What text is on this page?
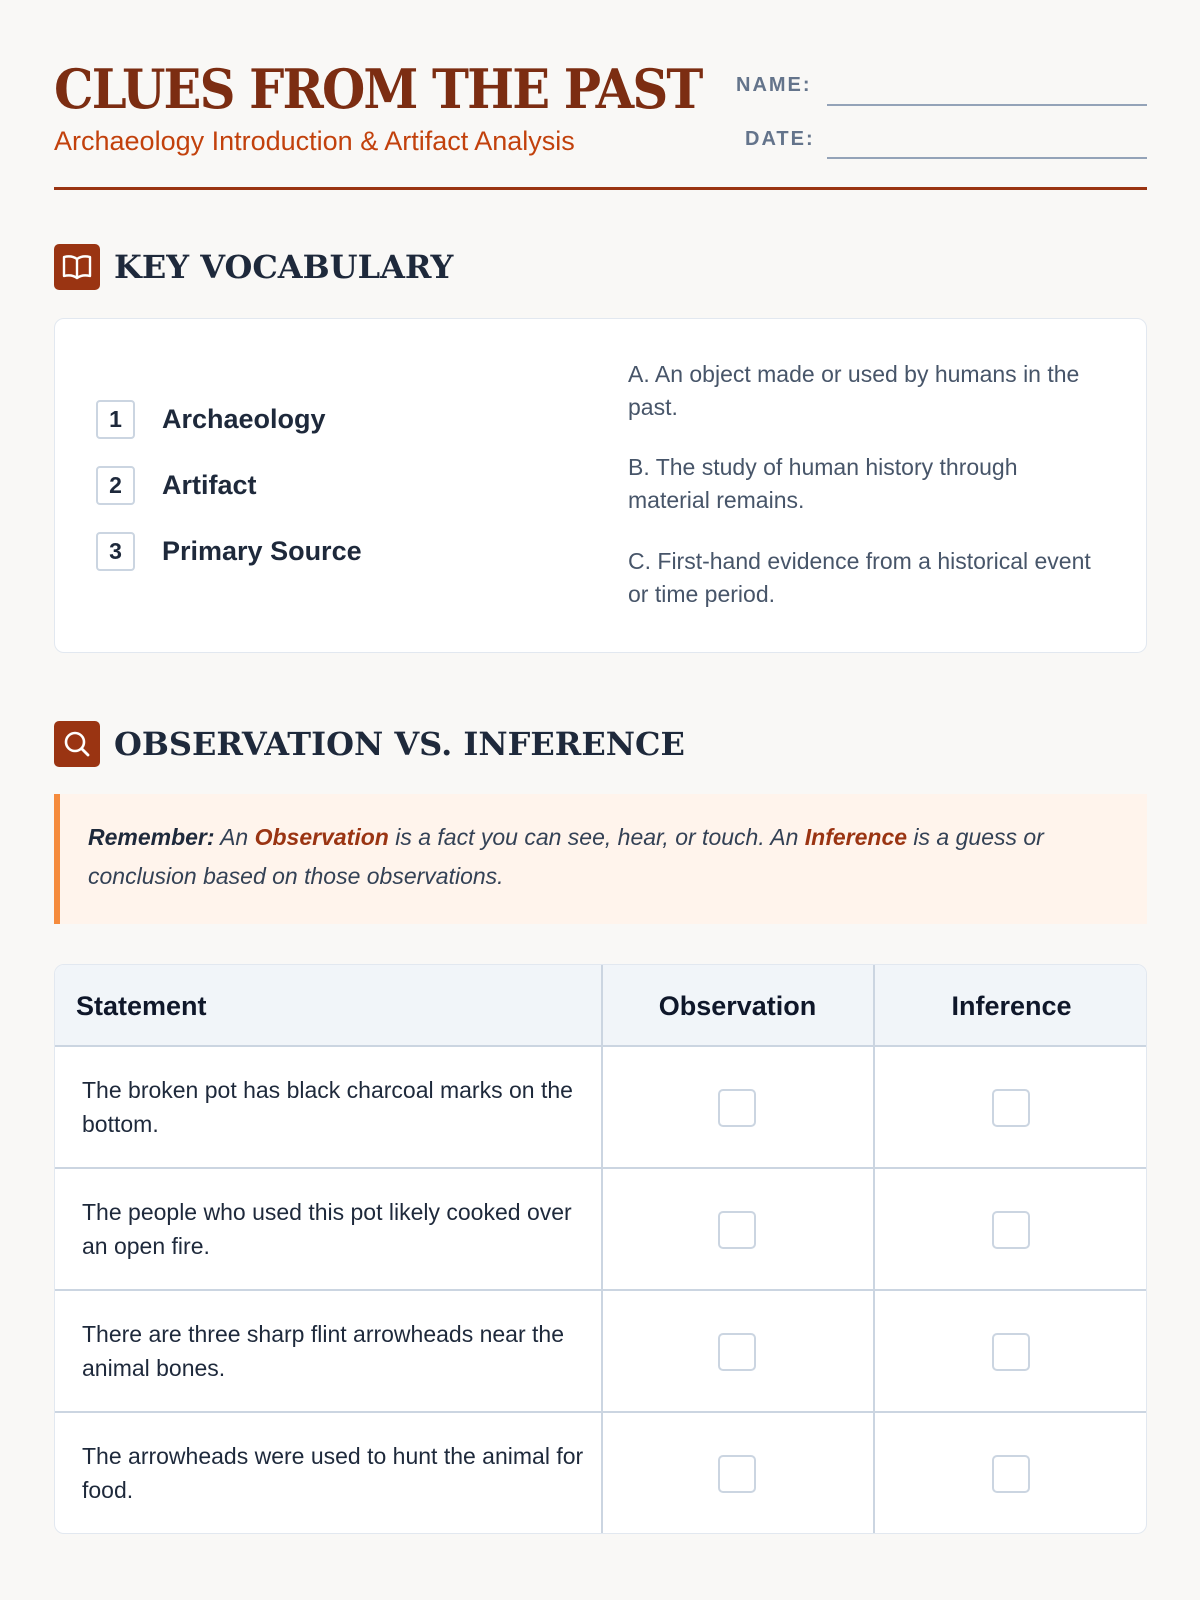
CLUES FROM THE PAST
Archaeology Introduction & Artifact Analysis
NAME:
DATE:
KEY VOCABULARY
1	Archaeology
2	Artifact
3	Primary Source
A. An object made or used by humans in the past.
B. The study of human history through material remains.
C. First-hand evidence from a historical event or time period.
OBSERVATION VS. INFERENCE
Remember: An Observation is a fact you can see, hear, or touch. An Inference is a guess or conclusion based on those observations.
Statement	Observation	Inference
The broken pot has black charcoal marks on the bottom.
The people who used this pot likely cooked over an open fire.
There are three sharp flint arrowheads near the animal bones.
The arrowheads were used to hunt the animal for food.
